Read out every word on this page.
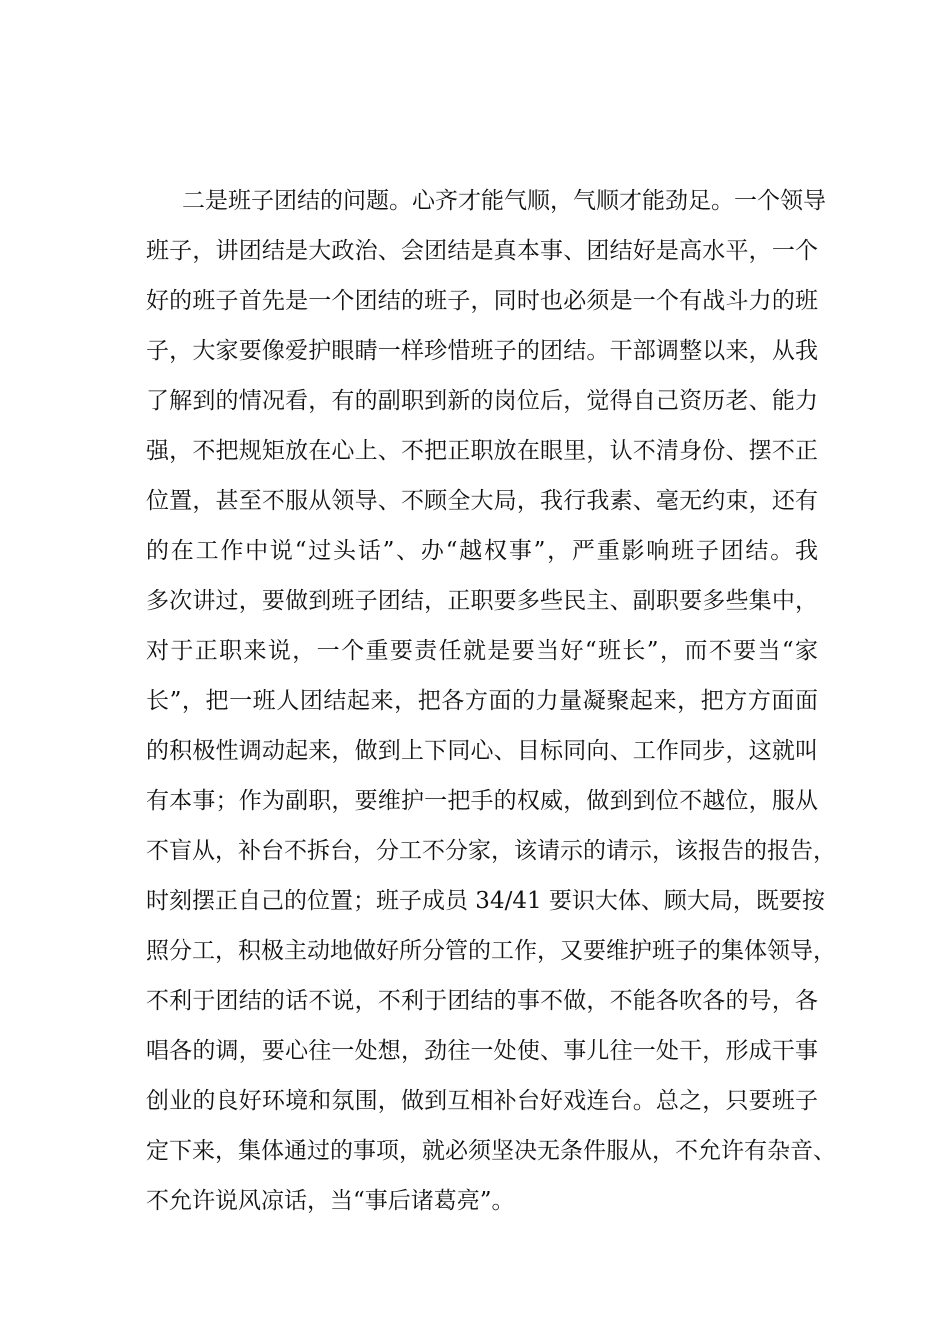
二是班子团结的问题。心齐才能气顺，气顺才能劲足。一个领导
班子，讲团结是大政治、会团结是真本事、团结好是高水平，一个
好的班子首先是一个团结的班子，同时也必须是一个有战斗力的班
子，大家要像爱护眼睛一样珍惜班子的团结。干部调整以来，从我
了解到的情况看，有的副职到新的岗位后，觉得自己资历老、能力
强，不把规矩放在心上、不把正职放在眼里，认不清身份、摆不正
位置，甚至不服从领导、不顾全大局，我行我素、毫无约束，还有
的在工作中说“过头话”、办“越权事”，严重影响班子团结。我
多次讲过，要做到班子团结，正职要多些民主、副职要多些集中，
对于正职来说，一个重要责任就是要当好“班长”，而不要当“家
长”，把一班人团结起来，把各方面的力量凝聚起来，把方方面面
的积极性调动起来，做到上下同心、目标同向、工作同步，这就叫
有本事；作为副职，要维护一把手的权威，做到到位不越位，服从
不盲从，补台不拆台，分工不分家，该请示的请示，该报告的报告，
时刻摆正自己的位置；班子成员 34/41 要识大体、顾大局，既要按
照分工，积极主动地做好所分管的工作，又要维护班子的集体领导，
不利于团结的话不说，不利于团结的事不做，不能各吹各的号，各
唱各的调，要心往一处想，劲往一处使、事儿往一处干，形成干事
创业的良好环境和氛围，做到互相补台好戏连台。总之，只要班子
定下来，集体通过的事项，就必须坚决无条件服从，不允许有杂音、
不允许说风凉话，当“事后诸葛亮”。
